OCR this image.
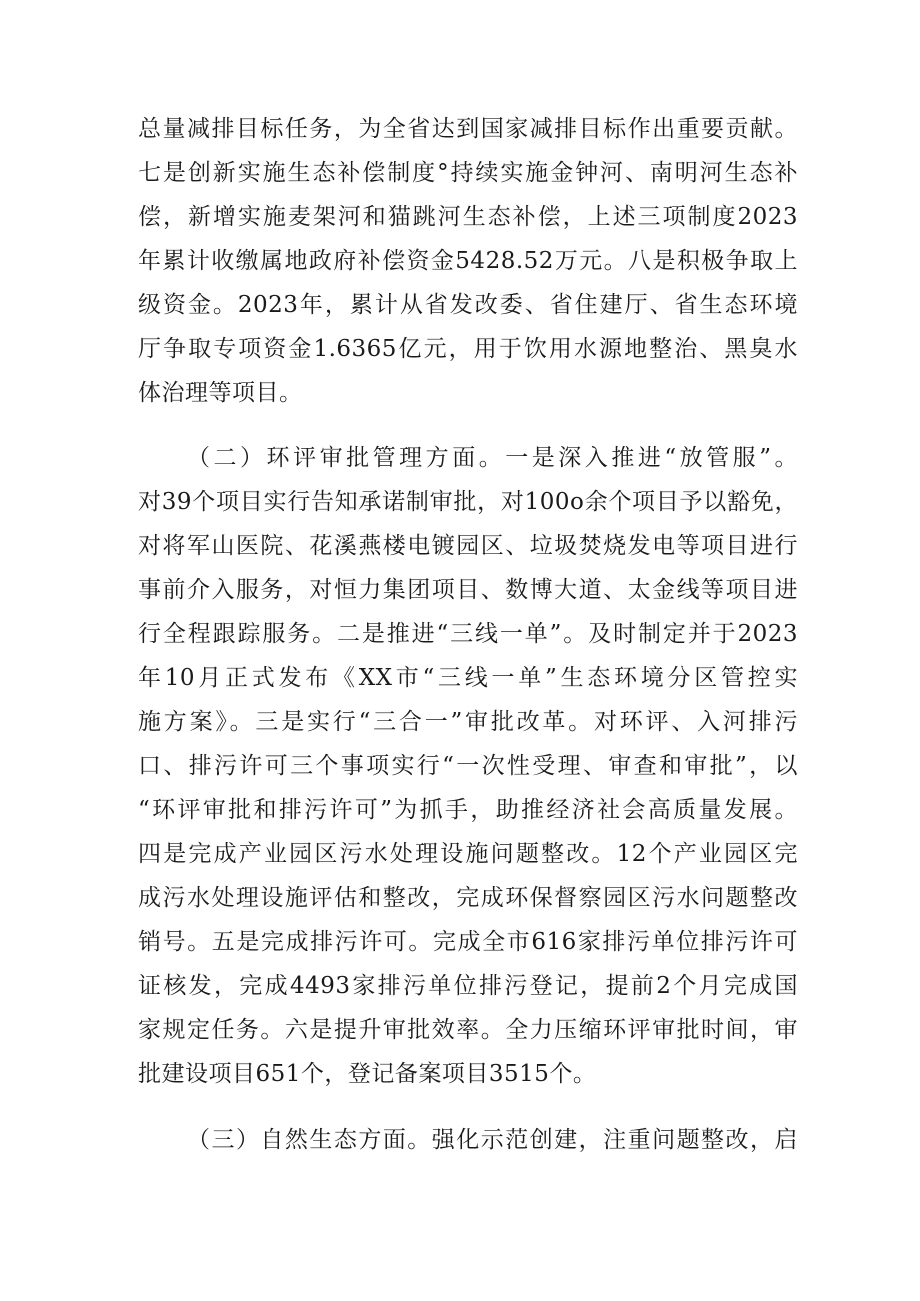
总量减排目标任务，为全省达到国家减排目标作出重要贡献。
七是创新实施生态补偿制度°持续实施金钟河、南明河生态补
偿，新增实施麦架河和猫跳河生态补偿，上述三项制度2023
年累计收缴属地政府补偿资金5428.52万元。八是积极争取上
级资金。2023年，累计从省发改委、省住建厅、省生态环境
厅争取专项资金1.6365亿元，用于饮用水源地整治、黑臭水
体治理等项目。
（二）环评审批管理方面。一是深入推进“放管服”。
对39个项目实行告知承诺制审批，对100o余个项目予以豁免，
对将军山医院、花溪燕楼电镀园区、垃圾焚烧发电等项目进行
事前介入服务，对恒力集团项目、数博大道、太金线等项目进
行全程跟踪服务。二是推进“三线一单”。及时制定并于2023
年10月正式发布《XX市“三线一单”生态环境分区管控实
施方案》。三是实行“三合一”审批改革。对环评、入河排污
口、排污许可三个事项实行“一次性受理、审查和审批”，以
“环评审批和排污许可”为抓手，助推经济社会高质量发展。
四是完成产业园区污水处理设施问题整改。12个产业园区完
成污水处理设施评估和整改，完成环保督察园区污水问题整改
销号。五是完成排污许可。完成全市616家排污单位排污许可
证核发，完成4493家排污单位排污登记，提前2个月完成国
家规定任务。六是提升审批效率。全力压缩环评审批时间，审
批建设项目651个，登记备案项目3515个。
（三）自然生态方面。强化示范创建，注重问题整改，启
